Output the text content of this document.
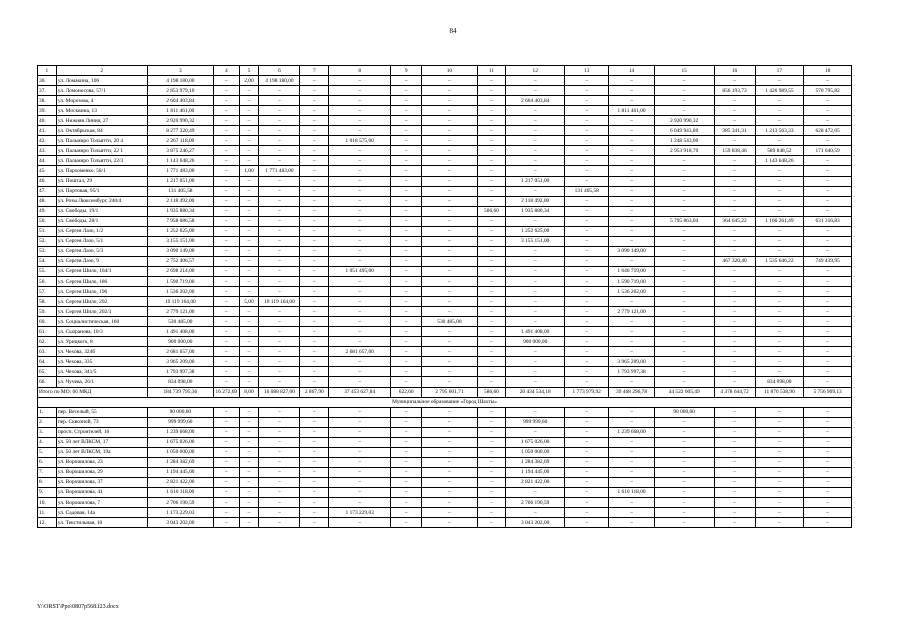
84
1	2	3	4	5	6	7	8	9	10	11	12	13	14	15	16	17	18
36.	ул. Ломакина, 106	4 198 180,00	–	2,00	4 198 180,00	–	–	–	–	–	–	–	–	–	–	–	–
37.	ул. Ломоносова, 57/1	2 853 979,10	–	–	–	–	–	–	–	–	–	–	–	–	856 193,73	1 426 989,55	570 795,82
38.	ул. Морозова, 4	2 604 403,84	–	–	–	–	–	–	–	–	2 604 403,84	–	–	–	–	–	–
39.	ул. Москвина, 13	1 811 461,00	–	–	–	–	–	–	–	–	–	–	1 811 461,00	–	–	–	–
40.	ул. Нижняя Линия, 27	2 920 990,32	–	–	–	–	–	–	–	–	–	–	–	2 920 990,32	–	–	–
41.	ул. Октябрьская, 84	8 277 320,49	–	–	–	–	–	–	–	–	–	–	–	6 049 943,80	385 341,31	1 213 563,33	628 472,05
42.	ул. Пальмиро Тольятти, 20 4	2 267 118,00	–	–	–	–	1 018 575,00	–	–	–	–	–	–	1 248 543,00	–	–	–
43.	ул. Пальмиро Тольятти, 22 1	3 875 246,27	–	–	–	–	–	–	–	–	–	–	–	2 953 918,70	159 838,46	589 848,52	171 640,59
44.	ул. Пальмиро Тольятти, 22/3	1 143 648,26	–	–	–	–	–	–	–	–	–	–	–	–	–	1 143 648,26	–
45.	ул. Пархоменко, 58/1	1 771 483,00	–	1,00	1 771 483,00	–	–	–	–	–	–	–	–	–	–	–	–
46.	ул. Поштал, 29	1 217 051,00	–	–	–	–	–	–	–	–	1 217 051,00	–	–	–	–	–	–
47.	ул. Портовая, 95/1	131 405,58	–	–	–	–	–	–	–	–	–	131 405,58	–	–	–	–	–
48.	ул. Розы Люксембург, 240/4	2 118 492,00	–	–	–	–	–	–	–	–	2 118 492,00	–	–	–	–	–	–
49.	ул. Свободы, 19/1	1 935 880,34	–	–	–	–	–	–	–	586,60	1 935 880,34	–	–	–	–	–	–
50.	ул. Свободы, 28/1	7 958 086,58	–	–	–	–	–	–	–	–	–	–	–	5 795 863,04	364 645,22	1 166 261,49	631 316,83
51.	ул. Сергея Лазо, 1/2	1 252 625,00	–	–	–	–	–	–	–	–	1 252 625,00	–	–	–	–	–	–
52.	ул. Сергея Лазо, 5/1	3 155 151,00	–	–	–	–	–	–	–	–	3 155 151,00	–	–	–	–	–	–
53.	ул. Сергея Лазо, 5/3	3 090 149,00	–	–	–	–	–	–	–	–	–	–	3 090 149,00	–	–	–	–
54.	ул. Сергея Лазо, 9	2 752 406,57	–	–	–	–	–	–	–	–	–	–	–	–	467 320,40	1 535 646,22	749 439,95
55.	ул. Сергея Шило, 164/1	2 698 214,00	–	–	–	–	1 051 495,00	–	–	–	–	–	1 646 719,00	–	–	–	–
56.	ул. Сергея Шило, 186	1 590 719,00	–	–	–	–	–	–	–	–	–	–	1 590 719,00	–	–	–	–
57.	ул. Сергея Шило, 196	1 536 202,00	–	–	–	–	–	–	–	–	–	–	1 536 202,00	–	–	–	–
58.	ул. Сергея Шило, 202	10 119 164,00	–	5,00	10 119 164,00	–	–	–	–	–	–	–	–	–	–	–	–
59.	ул. Сергея Шило, 202/1	2 779 121,00	–	–	–	–	–	–	–	–	–	–	2 779 121,00	–	–	–	–
60.	ул. Социалистическая, 160	530 485,00	–	–	–	–	–	–	530 485,00	–	–	–	–	–	–	–	–
61.	ул. Сызранова, 10/3	1 491 408,00	–	–	–	–	–	–	–	–	1 491 408,00	–	–	–	–	–	–
62.	ул. Урицкого, 8	900 000,00	–	–	–	–	–	–	–	–	900 000,00	–	–	–	–	–	–
63.	ул. Чехова, 324б	2 681 657,00	–	–	–	–	2 681 657,00	–	–	–	–	–	–	–	–	–	–
64.	ул. Чехова, 335	3 965 209,00	–	–	–	–	–	–	–	–	–	–	3 965 209,00	–	–	–	–
65.	ул. Чехова, 341/5	1 793 997,38	–	–	–	–	–	–	–	–	–	–	1 793 997,38	–	–	–	–
66.	ул. Чучева, 26/1	834 098,00	–	–	–	–	–	–	–	–	–	–	–	–	–	834 098,00	–
Итого по МО: 66 МКД		184 739 795,36	16 272,69	8,00	16 088 827,00	2 867,90	37 453 627,84	622,60	2 795 601,71	586,60	20 434 534,18	1 773 979,92	39 468 296,78	44 522 605,49	4 378 644,72	11 870 538,90	5 756 909,13
Муниципальное образование «Город Шахты»																	
1.	пер. Веселый, 55	90 000,00	–	–	–	–	–	–	–	–	–	–	–	90 000,00	–	–	–
2.	пер. Сквозной, 73	999 999,60	–	–	–	–	–	–	–	–	999 999,60	–	–	–	–	–	–
3.	просп. Строителей, 16	1 239 668,00	–	–	–	–	–	–	–	–	–	–	1 239 668,00	–	–	–	–
4.	ул. 50 лет ВЛКСМ, 17	1 675 026,00	–	–	–	–	–	–	–	–	1 675 026,00	–	–	–	–	–	–
5.	ул. 50 лет ВЛКСМ, 19а	1 050 000,00	–	–	–	–	–	–	–	–	1 050 000,00	–	–	–	–	–	–
6.	ул. Ворошилова, 23	1 284 382,69	–	–	–	–	–	–	–	–	1 284 382,69	–	–	–	–	–	–
7.	ул. Ворошилова, 29	1 194 445,00	–	–	–	–	–	–	–	–	1 194 445,00	–	–	–	–	–	–
8.	ул. Ворошилова, 37	2 821 422,00	–	–	–	–	–	–	–	–	2 821 422,00	–	–	–	–	–	–
9.	ул. Ворошилова, 41	1 610 118,00	–	–	–	–	–	–	–	–	–	–	1 610 118,00	–	–	–	–
10.	ул. Ворошилова, 7	2 706 190,59	–	–	–	–	–	–	–	–	2 706 190,59	–	–	–	–	–	–
11.	ул. Садовая, 14а	1 173 229,03	–	–	–	–	1 173 229,03	–	–	–	–	–	–	–	–	–	–
12.	ул. Текстильная, 10	3 043 202,00	–	–	–	–	–	–	–	–	3 043 202,00	–	–	–	–	–	–
Y:\ORST\Ppo\0807p568.f23.docx
